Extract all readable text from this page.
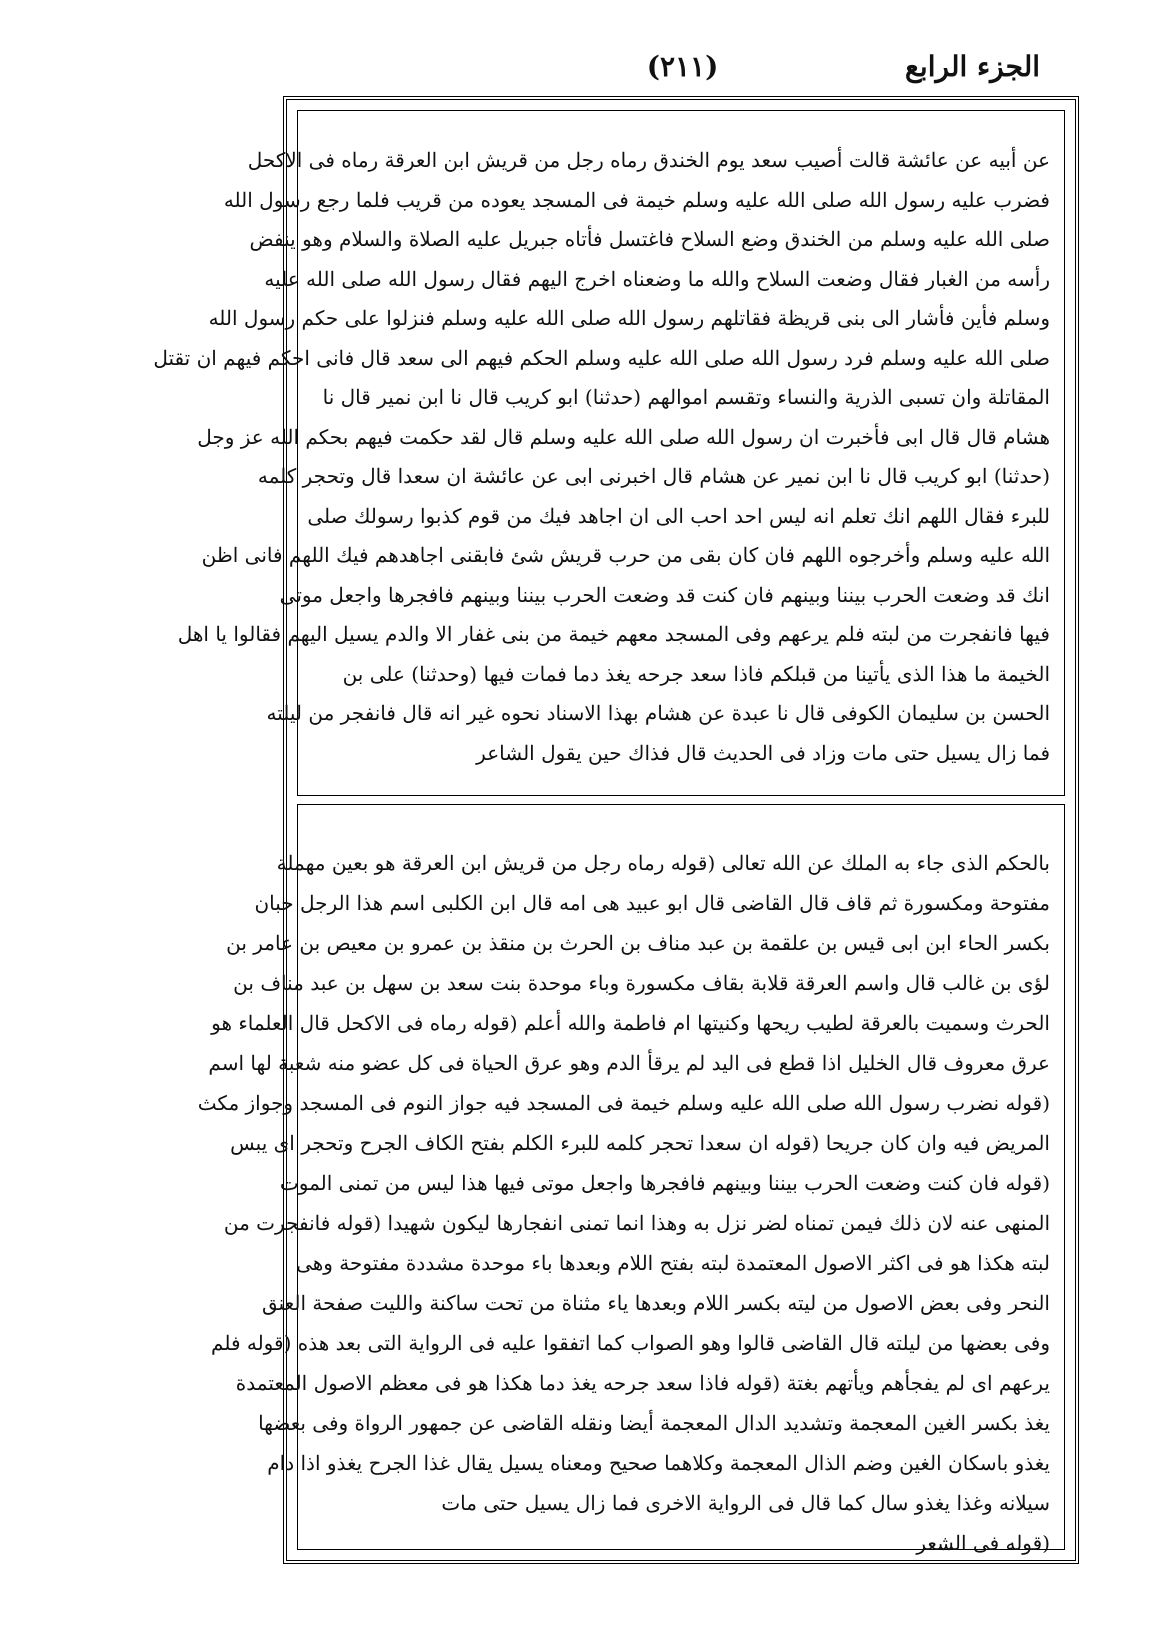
الجزء الرابع
(٢١١)
عن أبيه عن عائشة قالت أصيب سعد يوم الخندق رماه رجل من قريش ابن العرقة رماه فى الاكحل
فضرب عليه رسول الله صلى الله عليه وسلم خيمة فى المسجد يعوده من قريب فلما رجع رسول الله
صلى الله عليه وسلم من الخندق وضع السلاح فاغتسل فأتاه جبريل عليه الصلاة والسلام وهو ينفض
رأسه من الغبار فقال وضعت السلاح والله ما وضعناه اخرج اليهم فقال رسول الله صلى الله عليه
وسلم فأين فأشار الى بنى قريظة فقاتلهم رسول الله صلى الله عليه وسلم فنزلوا على حكم رسول الله
صلى الله عليه وسلم فرد رسول الله صلى الله عليه وسلم الحكم فيهم الى سعد قال فانى احكم فيهم ان تقتل
المقاتلة وان تسبى الذرية والنساء وتقسم اموالهم (حدثنا) ابو كريب قال نا ابن نمير قال نا
هشام قال قال ابى فأخبرت ان رسول الله صلى الله عليه وسلم قال لقد حكمت فيهم بحكم الله عز وجل
(حدثنا) ابو كريب قال نا ابن نمير عن هشام قال اخبرنى ابى عن عائشة ان سعدا قال وتحجر كلمه
للبرء فقال اللهم انك تعلم انه ليس احد احب الى ان اجاهد فيك من قوم كذبوا رسولك صلى
الله عليه وسلم وأخرجوه اللهم فان كان بقى من حرب قريش شئ فابقنى اجاهدهم فيك اللهم فانى اظن
انك قد وضعت الحرب بيننا وبينهم فان كنت قد وضعت الحرب بيننا وبينهم فافجرها واجعل موتى
فيها فانفجرت من لبته فلم يرعهم وفى المسجد معهم خيمة من بنى غفار الا والدم يسيل اليهم فقالوا يا اهل
الخيمة ما هذا الذى يأتينا من قبلكم فاذا سعد جرحه يغذ دما فمات فيها (وحدثنا) على بن
الحسن بن سليمان الكوفى قال نا عبدة عن هشام بهذا الاسناد نحوه غير انه قال فانفجر من ليلته
فما زال يسيل حتى مات وزاد فى الحديث قال فذاك حين يقول الشاعر
بالحكم الذى جاء به الملك عن الله تعالى (قوله رماه رجل من قريش ابن العرقة هو بعين مهملة
مفتوحة ومكسورة ثم قاف قال القاضى قال ابو عبيد هى امه قال ابن الكلبى اسم هذا الرجل حبان
بكسر الحاء ابن ابى قيس بن علقمة بن عبد مناف بن الحرث بن منقذ بن عمرو بن معيص بن عامر بن
لؤى بن غالب قال واسم العرقة قلابة بقاف مكسورة وباء موحدة بنت سعد بن سهل بن عبد مناف بن
الحرث وسميت بالعرقة لطيب ريحها وكنيتها ام فاطمة والله أعلم (قوله رماه فى الاكحل قال العلماء هو
عرق معروف قال الخليل اذا قطع فى اليد لم يرقأ الدم وهو عرق الحياة فى كل عضو منه شعبة لها اسم
(قوله نضرب رسول الله صلى الله عليه وسلم خيمة فى المسجد فيه جواز النوم فى المسجد وجواز مكث
المريض فيه وان كان جريحا (قوله ان سعدا تحجر كلمه للبرء الكلم بفتح الكاف الجرح وتحجر اى يبس
(قوله فان كنت وضعت الحرب بيننا وبينهم فافجرها واجعل موتى فيها هذا ليس من تمنى الموت
المنهى عنه لان ذلك فيمن تمناه لضر نزل به وهذا انما تمنى انفجارها ليكون شهيدا (قوله فانفجرت من
لبته هكذا هو فى اكثر الاصول المعتمدة لبته بفتح اللام وبعدها باء موحدة مشددة مفتوحة وهى
النحر وفى بعض الاصول من ليته بكسر اللام وبعدها ياء مثناة من تحت ساكنة والليت صفحة العنق
وفى بعضها من ليلته قال القاضى قالوا وهو الصواب كما اتفقوا عليه فى الرواية التى بعد هذه (قوله فلم
يرعهم اى لم يفجأهم ويأتهم بغتة (قوله فاذا سعد جرحه يغذ دما هكذا هو فى معظم الاصول المعتمدة
يغذ بكسر الغين المعجمة وتشديد الدال المعجمة أيضا ونقله القاضى عن جمهور الرواة وفى بعضها
يغذو باسكان الغين وضم الذال المعجمة وكلاهما صحيح ومعناه يسيل يقال غذا الجرح يغذو اذا دام
سيلانه وغذا يغذو سال كما قال فى الرواية الاخرى فما زال يسيل حتى مات
(قوله فى الشعر
